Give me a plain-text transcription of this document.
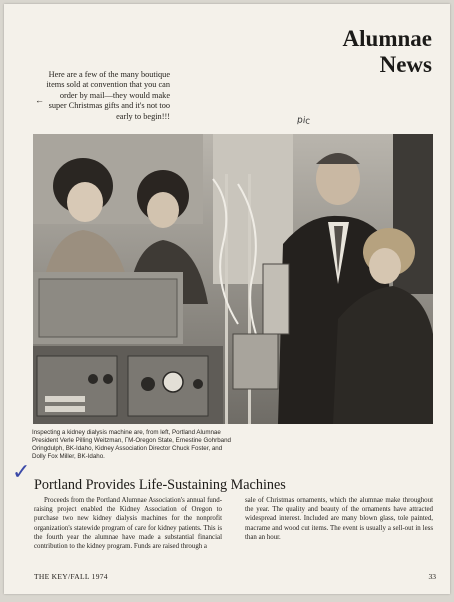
Alumnae News
←
Here are a few of the many boutique items sold at convention that you can order by mail—they would make super Christmas gifts and it's not too early to begin!!!	pic
Inspecting a kidney dialysis machine are, from left, Portland Alumnae President Verle Pilling Weitzman, ΓM-Oregon State, Ernestine Gohrband Oringdulph, BK-Idaho, Kidney Association Director Chuck Foster, and Dolly Fox Miller, BK-Idaho.
✓ Portland Provides Life-Sustaining Machines
Proceeds from the Portland Alumnae Association's annual fund-raising project enabled the Kidney Association of Oregon to purchase two new kidney dialysis machines for the nonprofit organization's statewide program of care for kidney patients. This is the fourth year the alumnae have made a substantial financial contribution to the kidney program. Funds are raised through a
sale of Christmas ornaments, which the alumnae make throughout the year. The quality and beauty of the ornaments have attracted widespread interest. Included are many blown glass, tole painted, macrame and wood cut items. The event is usually a sell-out in less than an hour.
THE KEY/FALL 1974	33
